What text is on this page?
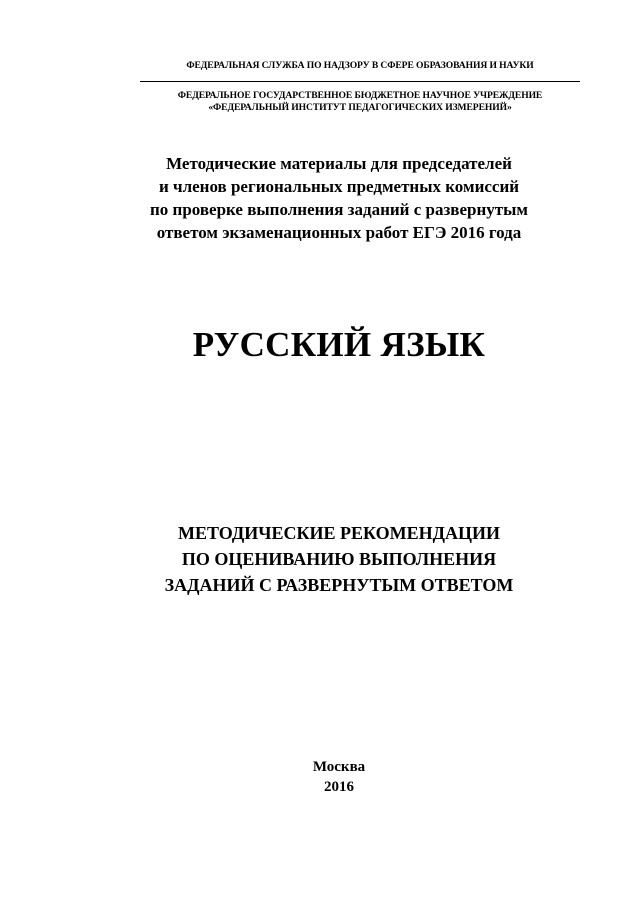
ФЕДЕРАЛЬНАЯ СЛУЖБА ПО НАДЗОРУ В СФЕРЕ ОБРАЗОВАНИЯ И НАУКИ

ФЕДЕРАЛЬНОЕ ГОСУДАРСТВЕННОЕ БЮДЖЕТНОЕ НАУЧНОЕ УЧРЕЖДЕНИЕ

«ФЕДЕРАЛЬНЫЙ ИНСТИТУТ ПЕДАГОГИЧЕСКИХ ИЗМЕРЕНИЙ»

Методические материалы для председателей

и членов региональных предметных комиссий

по проверке выполнения заданий с развернутым

ответом экзаменационных работ ЕГЭ 2016 года

РУССКИЙ ЯЗЫК

МЕТОДИЧЕСКИЕ РЕКОМЕНДАЦИИ

ПО ОЦЕНИВАНИЮ ВЫПОЛНЕНИЯ

ЗАДАНИЙ С РАЗВЕРНУТЫМ ОТВЕТОМ

Москва

2016
